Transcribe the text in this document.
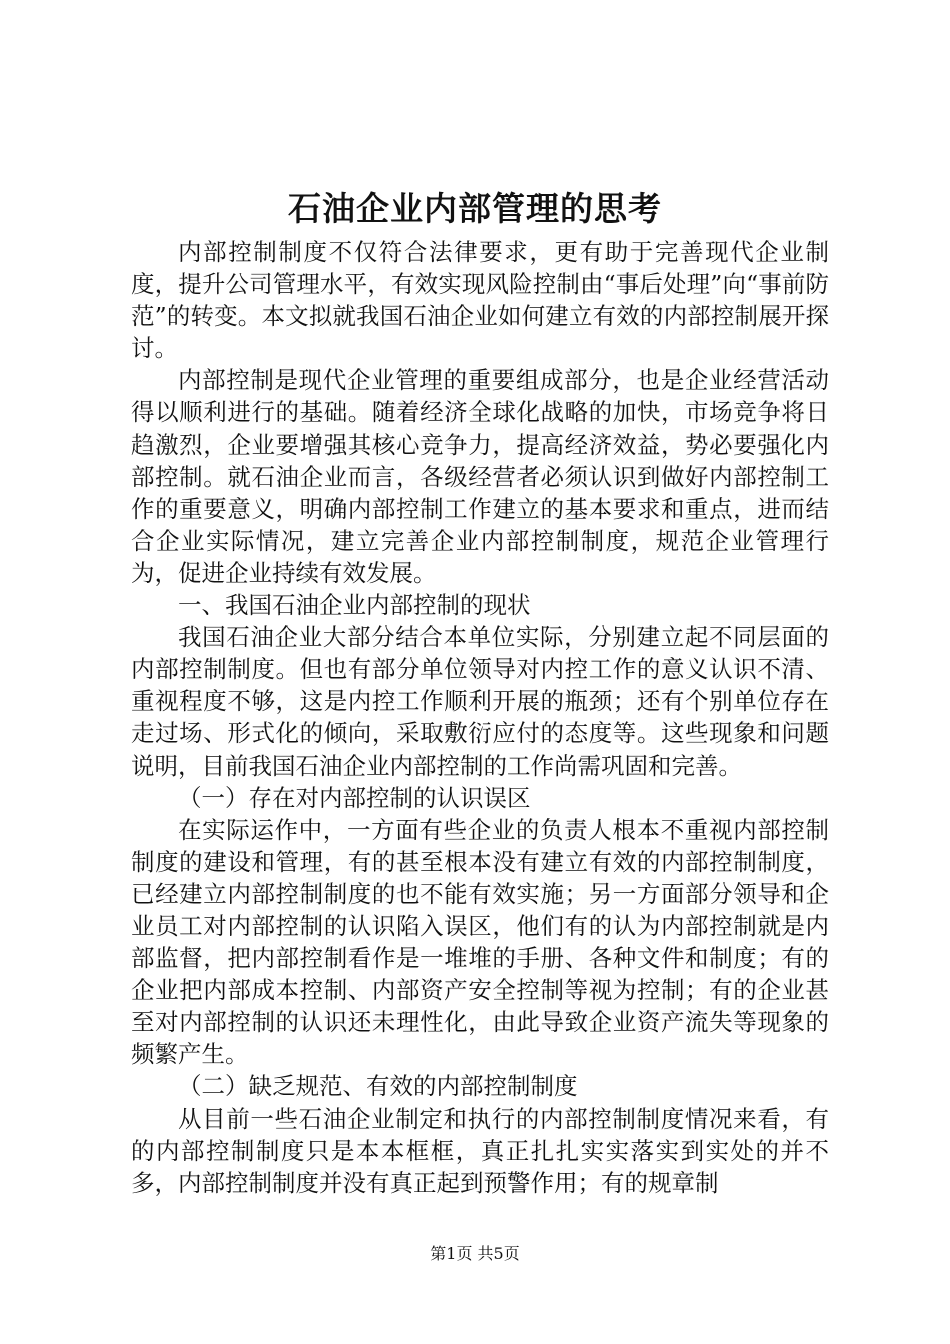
石油企业内部管理的思考

内部控制制度不仅符合法律要求，更有助于完善现代企业制度，提升公司管理水平，有效实现风险控制由“事后处理”向“事前防范”的转变。本文拟就我国石油企业如何建立有效的内部控制展开探讨。

内部控制是现代企业管理的重要组成部分，也是企业经营活动得以顺利进行的基础。随着经济全球化战略的加快，市场竞争将日趋激烈，企业要增强其核心竞争力，提高经济效益，势必要强化内部控制。就石油企业而言，各级经营者必须认识到做好内部控制工作的重要意义，明确内部控制工作建立的基本要求和重点，进而结合企业实际情况，建立完善企业内部控制制度，规范企业管理行为，促进企业持续有效发展。

一、我国石油企业内部控制的现状

我国石油企业大部分结合本单位实际，分别建立起不同层面的内部控制制度。但也有部分单位领导对内控工作的意义认识不清、重视程度不够，这是内控工作顺利开展的瓶颈；还有个别单位存在走过场、形式化的倾向，采取敷衍应付的态度等。这些现象和问题说明，目前我国石油企业内部控制的工作尚需巩固和完善。

（一）存在对内部控制的认识误区

在实际运作中，一方面有些企业的负责人根本不重视内部控制制度的建设和管理，有的甚至根本没有建立有效的内部控制制度，已经建立内部控制制度的也不能有效实施；另一方面部分领导和企业员工对内部控制的认识陷入误区，他们有的认为内部控制就是内部监督，把内部控制看作是一堆堆的手册、各种文件和制度；有的企业把内部成本控制、内部资产安全控制等视为控制；有的企业甚至对内部控制的认识还未理性化，由此导致企业资产流失等现象的频繁产生。

（二）缺乏规范、有效的内部控制制度

从目前一些石油企业制定和执行的内部控制制度情况来看，有的内部控制制度只是本本框框，真正扎扎实实落实到实处的并不多，内部控制制度并没有真正起到预警作用；有的规章制

第1页 共5页
